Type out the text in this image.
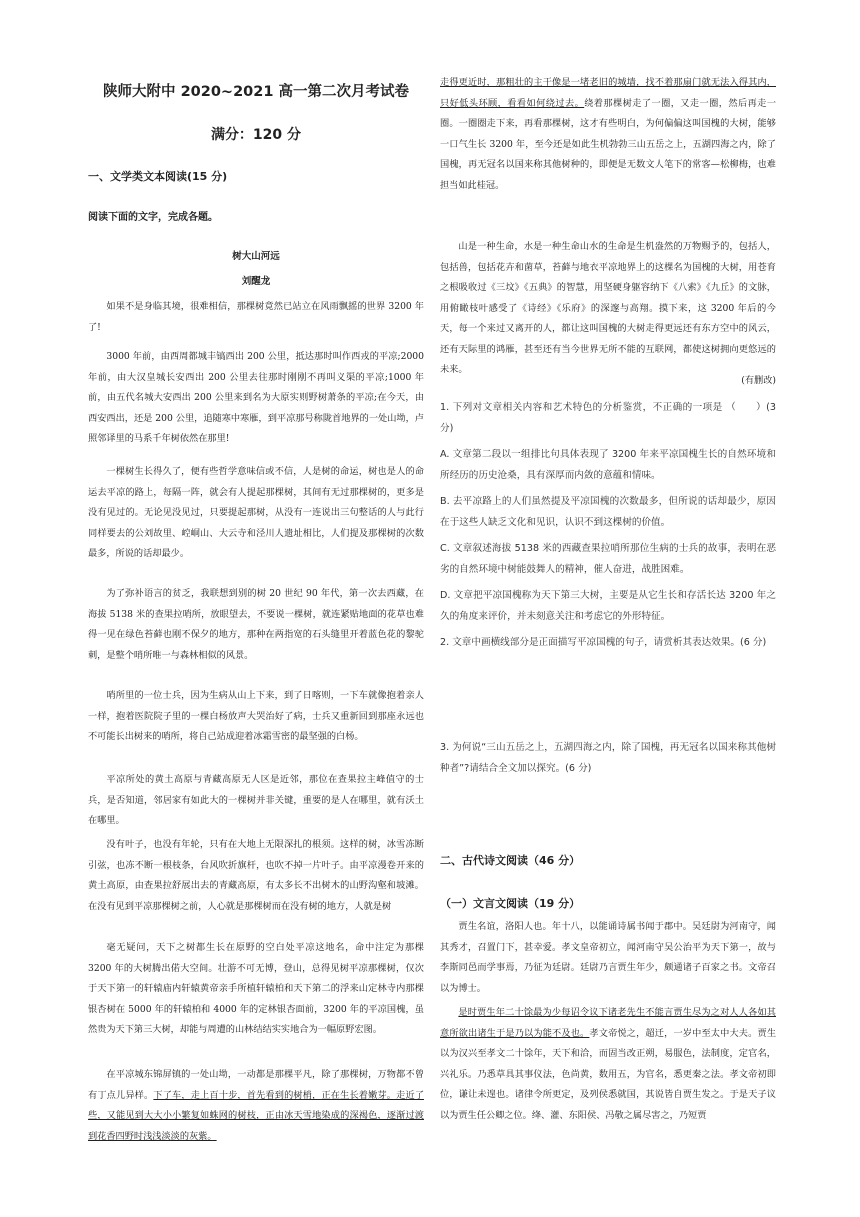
陕师大附中 2020~2021 高一第二次月考试卷
满分：120 分
一、文学类文本阅读(15 分)
阅读下面的文字，完成各题。
树大山河远
刘醒龙

如果不是身临其境，很难相信，那棵树竟然已站立在风雨飘摇的世界 3200 年了!

3000 年前，由西周都城丰镐西出 200 公里，抵达那时叫作西戎的平凉;2000 年前，由大汉皇城长安西出 200 公里去往那时刚刚不再叫义渠的平凉;1000 年前，由五代名城大安西出 200 公里来到名为大原实则野树萧条的平凉;在今天，由西安西出，还是 200 公里，追随寒中寒雁，到平凉那号称陇首地界的一处山坳，卢照邻译里的马系千年树依然在那里!

一棵树生长得久了，便有些哲学意味信或不信，人是树的命运，树也是人的命运去平凉的路上，每隔一阵，就会有人提起那棵树，其间有无过那棵树的，更多是没有见过的。无论见没见过，只要提起那树，从没有一连说出三句整话的人与此行同样要去的公刘故里、崆峒山、大云寺和泾川人遗址相比，人们提及那棵树的次数最多，所说的话却最少。

为了弥补语言的贫乏，我联想到别的树 20 世纪 90 年代，第一次去西藏，在海拔 5138 米的查果拉哨所，放眼望去，不要说一棵树，就连紧贴地面的花草也难得一见在绿色苔藓也刚不保夕的地方，那种在两指宽的石头缝里开着蓝色花的黎驼刺，是整个哨所唯一与森林相似的风景。

哨所里的一位士兵，因为生病从山上下来，到了日喀则，一下车就像抱着亲人一样，抱着医院院子里的一棵白杨放声大哭治好了病，士兵又重新回到那座永远也不可能长出树来的哨所，将自己站成迎着冰霜雪密的最坚强的白杨。

平凉所处的黄土高原与青藏高原无人区是近邻，那位在查果拉主峰值守的士兵，是否知道，邻居家有如此大的一棵树并非关键，重要的是人在哪里，就有沃土在哪里。

没有叶子，也没有年轮，只有在大地上无限深扎的根须。这样的树，冰雪冻断引弦，也冻不断一根枝条，台风吹折旗杆，也吹不掉一片叶子。由平凉漫卷开来的黄土高原，由查果拉舒展出去的青藏高原，有太多长不出树木的山野沟壑和坡滩。在没有见到平凉那棵树之前，人心就是那棵树而在没有树的地方，人就是树

毫无疑问，天下之树都生长在原野的空白处平凉这地名，命中注定为那棵 3200 年的大树腾出偌大空间。壮游不可无博，登山，总得见树平凉那棵树，仅次于天下第一的轩辕庙内轩辕黄帝亲手所植轩辕柏和天下第二的浮来山定林寺内那棵银杏树在 5000 年的轩辕柏和 4000 年的定林银杏面前，3200 年的平凉国槐，虽然贵为天下第三大树，却能与周遭的山林结结实实地合为一幅原野宏图。

在平凉城东锦屏镇的一处山坳，一动都是那棵平凡，除了那棵树，万物都不曾有丁点儿异样。下了车，走上百十步，首先看到的树梢，正在生长着嫩芽。走近了些，又能见到大大小小繁复如蛛网的树枝，正由冰天雪地染成的深褐色，逐渐过渡到花香四野时浅浅淡淡的灰紫。

走得更近时，那粗壮的主干像是一堵老旧的城墙，找不着那扇门就无法入得其内，只好低头环顾，看看如何绕过去。绕着那棵树走了一圈，又走一圈，然后再走一圈。一圈圈走下来，再看那棵树，这才有些明白，为何偏偏这叫国槐的大树，能够一口气生长 3200 年，至今还是如此生机勃勃三山五岳之上，五湖四海之内，除了国槐，再无冠名以国来称其他树种的，即便是无数文人笔下的常客—松柳梅，也难担当如此桂冠。

山是一种生命，水是一种生命山水的生命是生机盎然的万物赐予的，包括人，包括兽，包括花卉和菌草，苔藓与地衣平凉地界上的这棵名为国槐的大树，用苍育之根吸收过《三坟》《五典》的智慧，用坚硬身躯容纳下《八索》《九丘》的文脉，用俯瞰枝叶感受了《诗经》《乐府》的深邃与高翔。摸下来，这 3200 年后的今天，每一个来过又离开的人，都让这叫国槐的大树走得更远还有东方空中的风云，还有天际里的鸿雁，甚至还有当今世界无所不能的互联网，都使这树拥向更悠远的未来。

(有删改)

1. 下列对文章相关内容和艺术特色的分析鉴赏，不正确的一项是 （　　）(3 分)

A. 文章第二段以一组排比句具体表现了 3200 年来平凉国槐生长的自然环境和所经历的历史沧桑，具有深厚而内敛的意蕴和情味。

B. 去平凉路上的人们虽然提及平凉国槐的次数最多，但所说的话却最少，原因在于这些人缺乏文化和见识，认识不到这棵树的价值。

C. 文章叙述海拔 5138 米的西藏查果拉哨所那位生病的士兵的故事，表明在恶劣的自然环境中树能鼓舞人的精神，催人奋进，战胜困难。

D. 文章把平凉国槐称为天下第三大树，主要是从它生长和存活长达 3200 年之久的角度来评价，并未刻意关注和考虑它的外形特征。

2. 文章中画横线部分是正面描写平凉国槐的句子，请赏析其表达效果。(6 分)

3. 为何说“三山五岳之上，五湖四海之内，除了国槐，再无冠名以国来称其他树种者”?请结合全文加以探究。(6 分)

二、古代诗文阅读（46 分）
（一）文言文阅读（19 分）

贾生名谊，洛阳人也。年十八，以能诵诗属书闻于郡中。吴廷尉为河南守，闻其秀才，召置门下，甚幸爱。孝文皇帝初立，闻河南守吴公治平为天下第一，故与李斯同邑而学事焉，乃征为廷尉。廷尉乃言贾生年少，颇通诸子百家之书。文帝召以为博士。

是时贾生年二十馀最为少每诏令议下诸老先生不能言贾生尽为之对人人各如其意所欲出诸生于是乃以为能不及也。孝文帝悦之，超迁，一岁中至太中大夫。贾生以为汉兴至孝文二十馀年，天下和洽，而固当改正朔，易服色，法制度，定官名，兴礼乐。乃悉草具其事仪法，色尚黄，数用五，为官名，悉更秦之法。孝文帝初即位，谦让未遑也。诸律令所更定，及列侯悉就国，其说皆自贾生发之。于是天子议以为贾生任公卿之位。绛、灌、东阳侯、冯敬之属尽害之，乃短贾
